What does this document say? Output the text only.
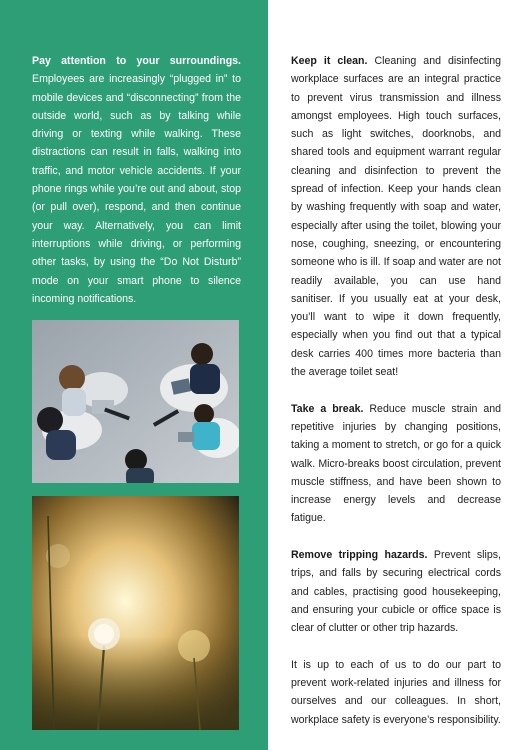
Pay attention to your surroundings. Employees are increasingly “plugged in” to mobile devices and “disconnecting” from the outside world, such as by talking while driving or texting while walking. These distractions can result in falls, walking into traffic, and motor vehicle accidents. If your phone rings while you’re out and about, stop (or pull over), respond, and then continue your way. Alternatively, you can limit interruptions while driving, or performing other tasks, by using the “Do Not Disturb” mode on your smart phone to silence incoming notifications.

Keep it clean. Cleaning and disinfecting workplace surfaces are an integral practice to prevent virus transmission and illness amongst employees. High touch surfaces, such as light switches, doorknobs, and shared tools and equipment warrant regular cleaning and disinfection to prevent the spread of infection. Keep your hands clean by washing frequently with soap and water, especially after using the toilet, blowing your nose, coughing, sneezing, or encountering someone who is ill. If soap and water are not readily available, you can use hand sanitiser. If you usually eat at your desk, you’ll want to wipe it down frequently, especially when you find out that a typical desk carries 400 times more bacteria than the average toilet seat!

Take a break. Reduce muscle strain and repetitive injuries by changing positions, taking a moment to stretch, or go for a quick walk. Micro-breaks boost circulation, prevent muscle stiffness, and have been shown to increase energy levels and decrease fatigue.

Remove tripping hazards. Prevent slips, trips, and falls by securing electrical cords and cables, practising good housekeeping, and ensuring your cubicle or office space is clear of clutter or other trip hazards.

It is up to each of us to do our part to prevent work-related injuries and illness for ourselves and our colleagues. In short, workplace safety is everyone’s responsibility.
